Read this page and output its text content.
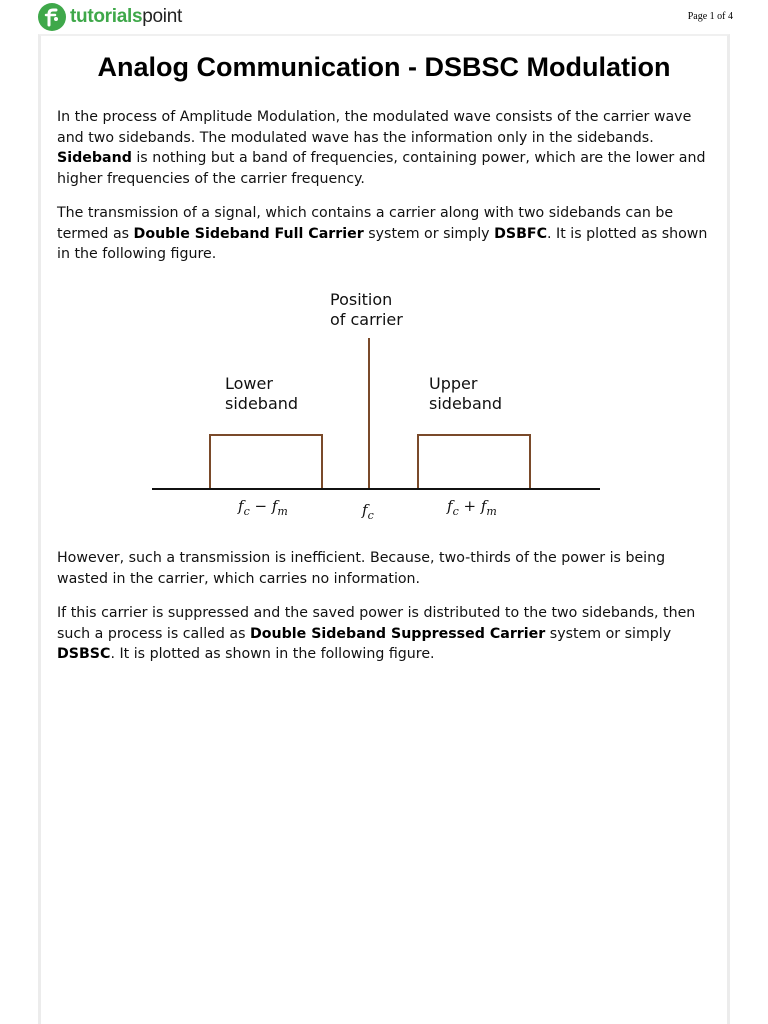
tutorialspoint	Page 1 of 4
Analog Communication - DSBSC Modulation

In the process of Amplitude Modulation, the modulated wave consists of the carrier wave and two sidebands. The modulated wave has the information only in the sidebands. Sideband is nothing but a band of frequencies, containing power, which are the lower and higher frequencies of the carrier frequency.

The transmission of a signal, which contains a carrier along with two sidebands can be termed as Double Sideband Full Carrier system or simply DSBFC. It is plotted as shown in the following figure.

Position
of carrier
Lower
sideband
Upper
sideband
$f_c - f_m$	$f_c$
$f_c + f_m$

However, such a transmission is inefficient. Because, two-thirds of the power is being wasted in the carrier, which carries no information.

If this carrier is suppressed and the saved power is distributed to the two sidebands, then such a process is called as Double Sideband Suppressed Carrier system or simply DSBSC. It is plotted as shown in the following figure.
